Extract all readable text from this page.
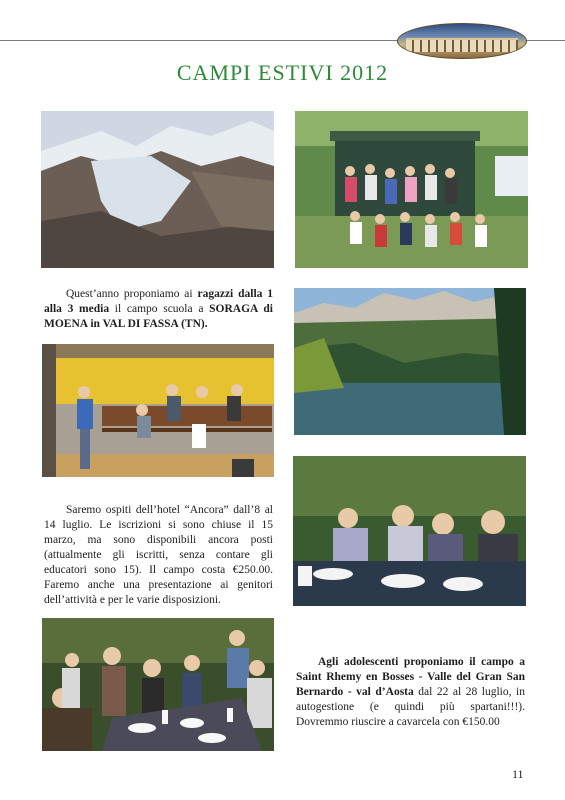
CAMPI ESTIVI 2012

Quest’anno proponiamo ai ragazzi dalla 1 alla 3 media il campo scuola a SORAGA di MOENA in VAL DI FASSA (TN).

Saremo ospiti dell’hotel “Ancora” dall’8 al 14 luglio. Le iscrizioni si sono chiuse il 15 marzo, ma sono disponibili ancora posti (attualmente gli iscritti, senza contare gli educatori sono 15). Il campo costa €250.00. Faremo anche una presentazione ai genitori dell’attività e per le varie disposizioni.

Agli adolescenti proponiamo il campo a Saint Rhemy en Bosses - Valle del Gran San Bernardo - val d’Aosta dal 22 al 28 luglio, in autogestione (e quindi più spartani!!!). Dovremmo riuscire a cavarcela con €150.00

11
